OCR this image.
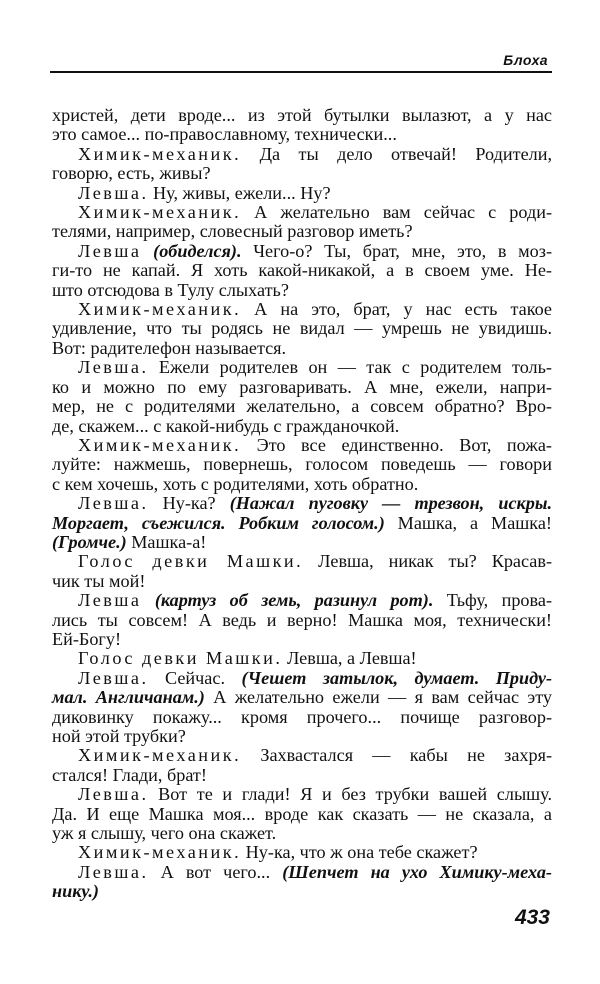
Блоха
христей, дети вроде... из этой бутылки вылазют, а у нас
это самое... по-православному, технически...
Химик-механик. Да ты дело отвечай! Родители,
говорю, есть, живы?
Левша. Ну, живы, ежели... Ну?
Химик-механик. А желательно вам сейчас с роди-
телями, например, словесный разговор иметь?
Левша (обиделся). Чего-о? Ты, брат, мне, это, в моз-
ги-то не капай. Я хоть какой-никакой, а в своем уме. Не-
што отсюдова в Тулу слыхать?
Химик-механик. А на это, брат, у нас есть такое
удивление, что ты родясь не видал — умрешь не увидишь.
Вот: радителефон называется.
Левша. Ежели родителев он — так с родителем толь-
ко и можно по ему разговаривать. А мне, ежели, напри-
мер, не с родителями желательно, а совсем обратно? Вро-
де, скажем... с какой-нибудь с гражданочкой.
Химик-механик. Это все единственно. Вот, пожа-
луйте: нажмешь, повернешь, голосом поведешь — говори
с кем хочешь, хоть с родителями, хоть обратно.
Левша. Ну-ка? (Нажал пуговку — трезвон, искры.
Моргает, съежился. Робким голосом.) Машка, а Машка!
(Громче.) Машка-а!
Голос девки Машки. Левша, никак ты? Красав-
чик ты мой!
Левша (картуз об земь, разинул рот). Тьфу, прова-
лись ты совсем! А ведь и верно! Машка моя, технически!
Ей-Богу!
Голос девки Машки. Левша, а Левша!
Левша. Сейчас. (Чешет затылок, думает. Приду-
мал. Англичанам.) А желательно ежели — я вам сейчас эту
диковинку покажу... кромя прочего... почище разговор-
ной этой трубки?
Химик-механик. Захвастался — кабы не захря-
стался! Глади, брат!
Левша. Вот те и глади! Я и без трубки вашей слышу.
Да. И еще Машка моя... вроде как сказать — не сказала, а
уж я слышу, чего она скажет.
Химик-механик. Ну-ка, что ж она тебе скажет?
Левша. А вот чего... (Шепчет на ухо Химику-меха-
нику.)
433
